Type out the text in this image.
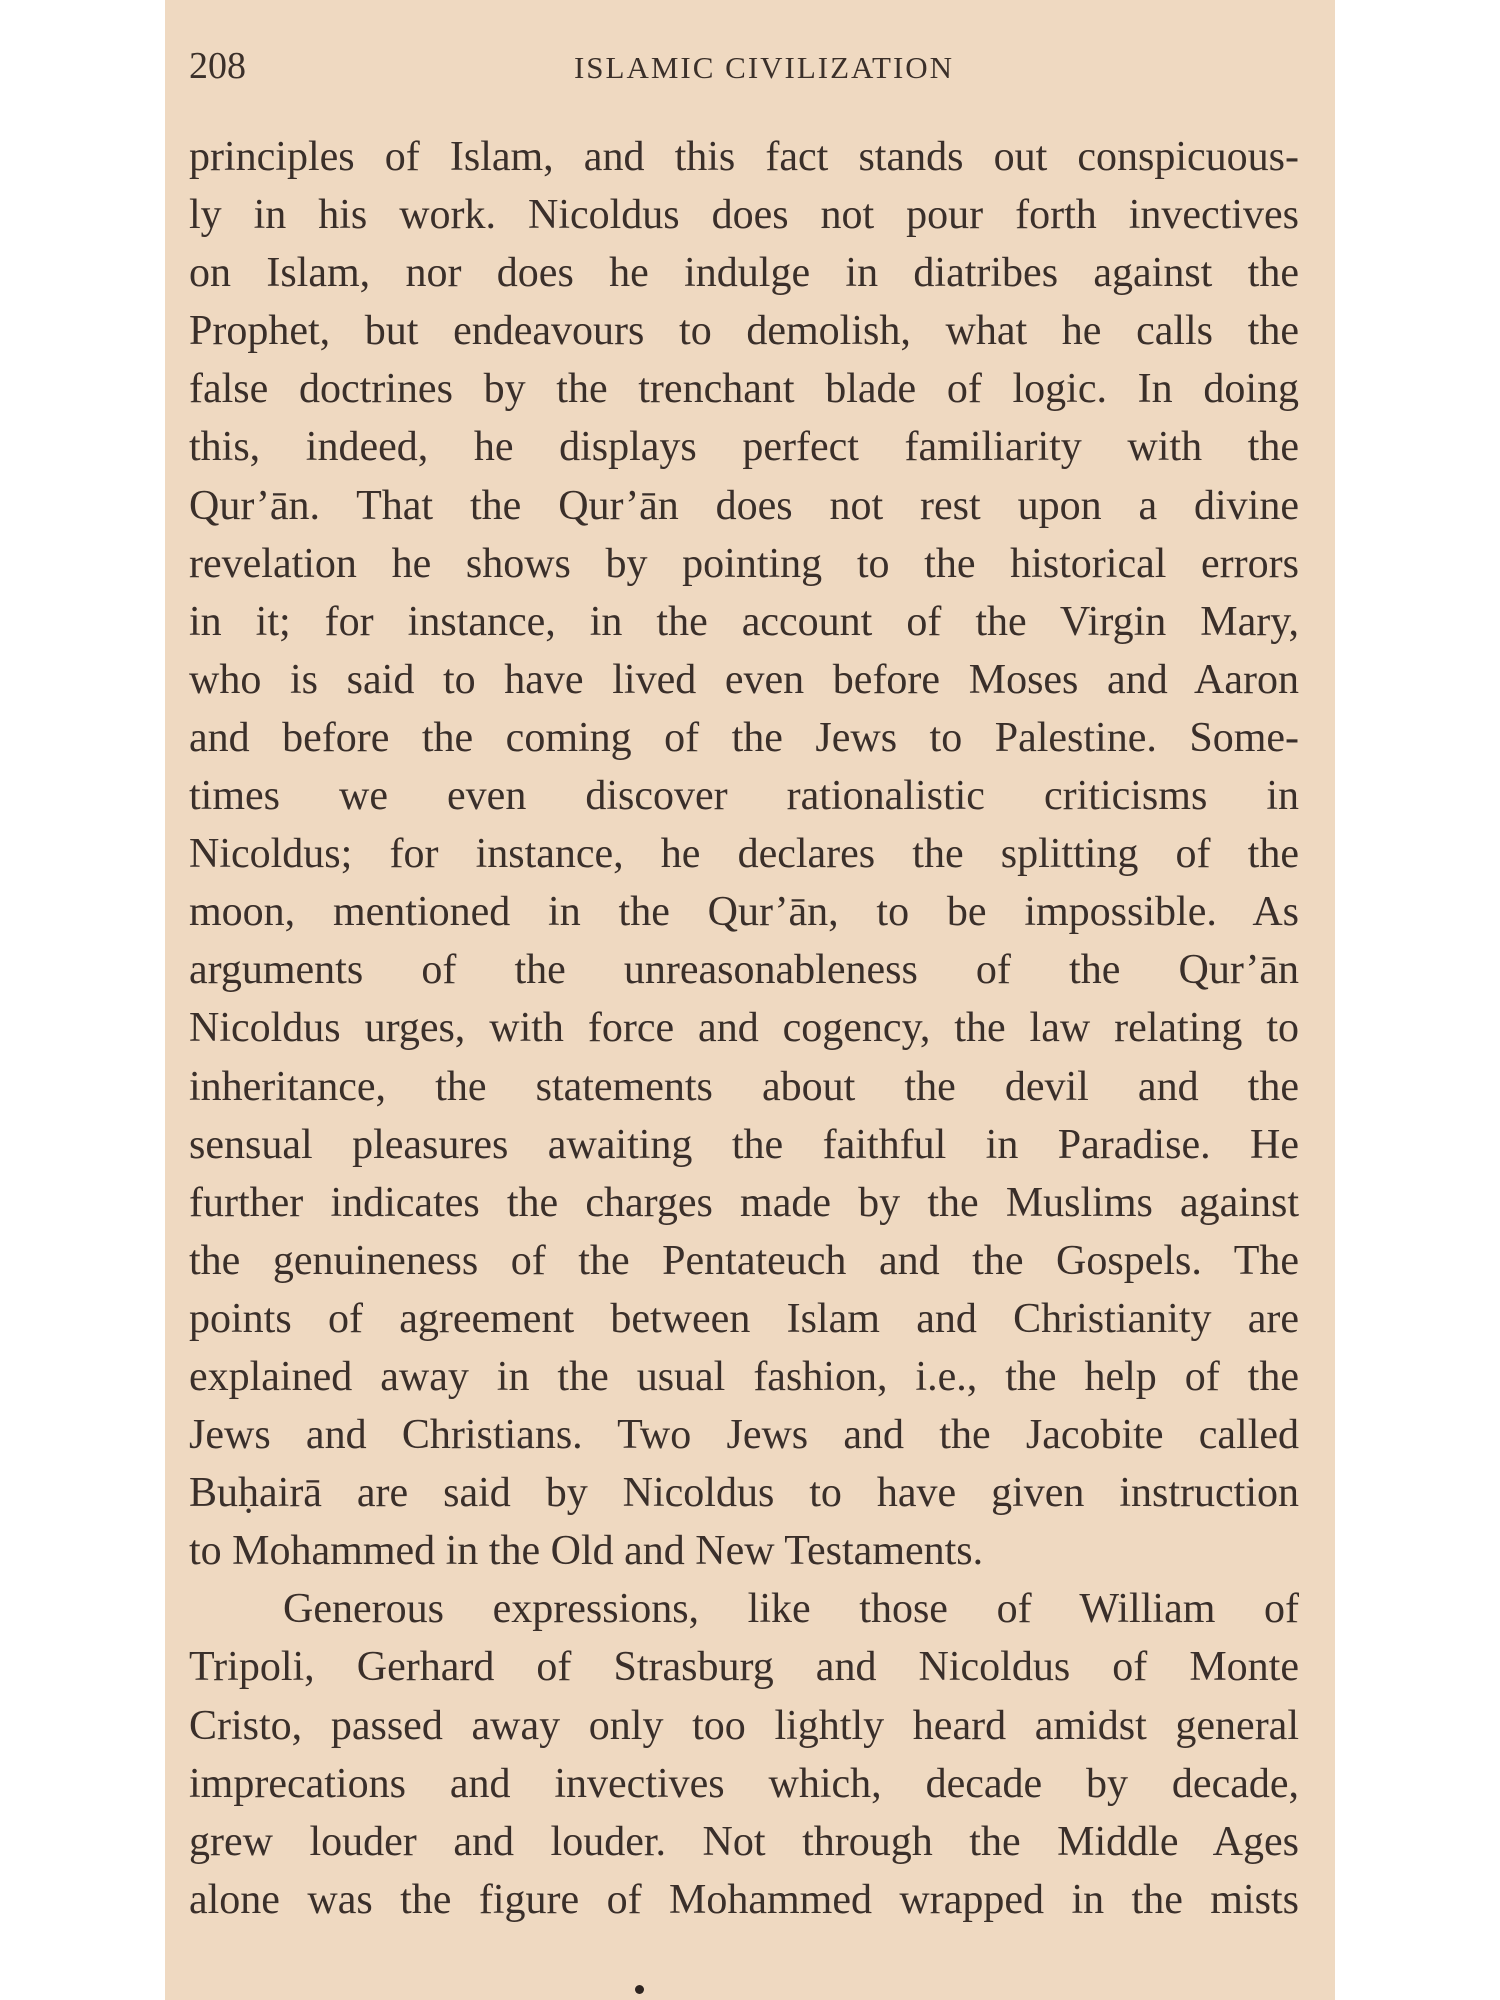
208	ISLAMIC CIVILIZATION

principles of Islam, and this fact stands out conspicuous-
ly in his work. Nicoldus does not pour forth invectives
on Islam, nor does he indulge in diatribes against the
Prophet, but endeavours to demolish, what he calls the
false doctrines by the trenchant blade of logic. In doing
this, indeed, he displays perfect familiarity with the
Qur’ān. That the Qur’ān does not rest upon a divine
revelation he shows by pointing to the historical errors
in it; for instance, in the account of the Virgin Mary,
who is said to have lived even before Moses and Aaron
and before the coming of the Jews to Palestine. Some-
times we even discover rationalistic criticisms in
Nicoldus; for instance, he declares the splitting of the
moon, mentioned in the Qur’ān, to be impossible. As
arguments of the unreasonableness of the Qur’ān
Nicoldus urges, with force and cogency, the law relating to
inheritance, the statements about the devil and the
sensual pleasures awaiting the faithful in Paradise. He
further indicates the charges made by the Muslims against
the genuineness of the Pentateuch and the Gospels. The
points of agreement between Islam and Christianity are
explained away in the usual fashion, i.e., the help of the
Jews and Christians. Two Jews and the Jacobite called
Buḥairā are said by Nicoldus to have given instruction
to Mohammed in the Old and New Testaments.

Generous expressions, like those of William of
Tripoli, Gerhard of Strasburg and Nicoldus of Monte
Cristo, passed away only too lightly heard amidst general
imprecations and invectives which, decade by decade,
grew louder and louder. Not through the Middle Ages
alone was the figure of Mohammed wrapped in the mists
